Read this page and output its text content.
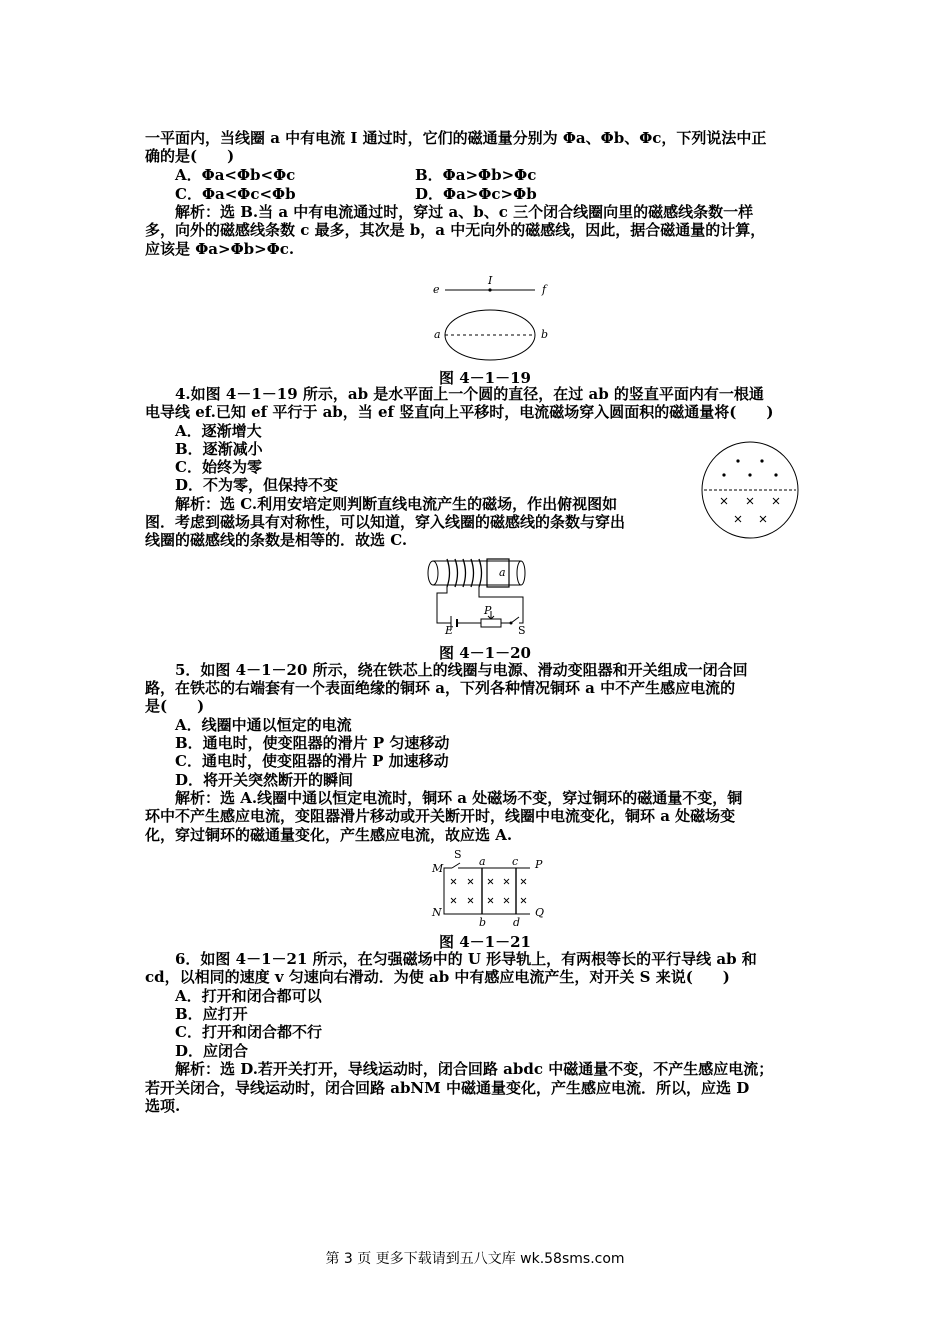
一平面内，当线圈 a 中有电流 I 通过时，它们的磁通量分别为 Φa、Φb、Φc，下列说法中正
确的是(　　)
A．Φa<Φb<Φc	B．Φa>Φb>Φc
C．Φa<Φc<Φb	D．Φa>Φc>Φb
解析：选 B.当 a 中有电流通过时，穿过 a、b、c 三个闭合线圈向里的磁感线条数一样
多，向外的磁感线条数 c 最多，其次是 b，a 中无向外的磁感线，因此，据合磁通量的计算，
应该是 Φa>Φb>Φc.
e	f
I
a	b
图 4－1－19
4.如图 4－1－19 所示，ab 是水平面上一个圆的直径，在过 ab 的竖直平面内有一根通
电导线 ef.已知 ef 平行于 ab，当 ef 竖直向上平移时，电流磁场穿入圆面积的磁通量将(　　)
A．逐渐增大
B．逐渐减小
C．始终为零
D．不为零，但保持不变
解析：选 C.利用安培定则判断直线电流产生的磁场，作出俯视图如
图．考虑到磁场具有对称性，可以知道，穿入线圈的磁感线的条数与穿出
线圈的磁感线的条数是相等的．故选 C.
a
P
E	S
图 4－1－20
5．如图 4－1－20 所示，绕在铁芯上的线圈与电源、滑动变阻器和开关组成一闭合回
路，在铁芯的右端套有一个表面绝缘的铜环 a，下列各种情况铜环 a 中不产生感应电流的
是(　　)
A．线圈中通以恒定的电流
B．通电时，使变阻器的滑片 P 匀速移动
C．通电时，使变阻器的滑片 P 加速移动
D．将开关突然断开的瞬间
解析：选 A.线圈中通以恒定电流时，铜环 a 处磁场不变，穿过铜环的磁通量不变，铜
环中不产生感应电流，变阻器滑片移动或开关断开时，线圈中电流变化，铜环 a 处磁场变
化，穿过铜环的磁通量变化，产生感应电流，故应选 A.
S
a c
M	P
N
b d
Q
图 4－1－21
6．如图 4－1－21 所示，在匀强磁场中的 U 形导轨上，有两根等长的平行导线 ab 和
cd，以相同的速度 v 匀速向右滑动．为使 ab 中有感应电流产生，对开关 S 来说(　　)
A．打开和闭合都可以
B．应打开
C．打开和闭合都不行
D．应闭合
解析：选 D.若开关打开，导线运动时，闭合回路 abdc 中磁通量不变，不产生感应电流；
若开关闭合，导线运动时，闭合回路 abNM 中磁通量变化，产生感应电流．所以，应选 D
选项.
第 3 页 更多下载请到五八文库 wk.58sms.com
